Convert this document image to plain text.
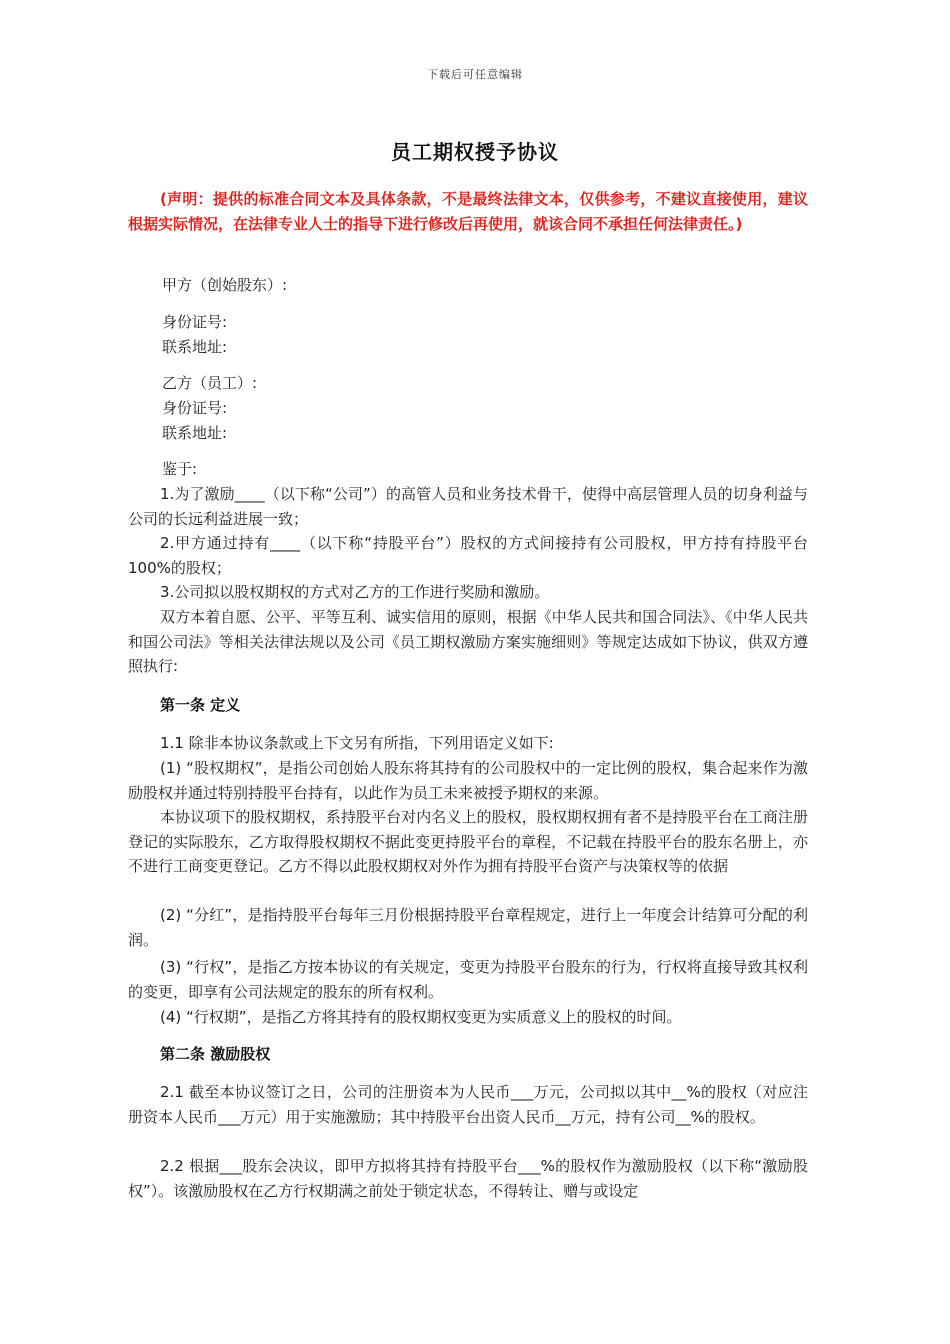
下载后可任意编辑
员工期权授予协议

(声明：提供的标准合同文本及具体条款，不是最终法律文本，仅供参考，不建议直接使用，建议根据实际情况，在法律专业人士的指导下进行修改后再使用，就该合同不承担任何法律责任。)

甲方（创始股东）:

身份证号:

联系地址:

乙方（员工）:

身份证号:

联系地址:

鉴于:

1.为了激励____（以下称“公司”）的高管人员和业务技术骨干，使得中高层管理人员的切身利益与公司的长远利益进展一致；

2.甲方通过持有____（以下称“持股平台”）股权的方式间接持有公司股权，甲方持有持股平台 100%的股权；

3.公司拟以股权期权的方式对乙方的工作进行奖励和激励。

双方本着自愿、公平、平等互利、诚实信用的原则，根据《中华人民共和国合同法》、《中华人民共和国公司法》等相关法律法规以及公司《员工期权激励方案实施细则》等规定达成如下协议，供双方遵照执行:

第一条 定义

1.1 除非本协议条款或上下文另有所指，下列用语定义如下:

(1) “股权期权”，是指公司创始人股东将其持有的公司股权中的一定比例的股权，集合起来作为激励股权并通过特别持股平台持有，以此作为员工未来被授予期权的来源。

本协议项下的股权期权，系持股平台对内名义上的股权，股权期权拥有者不是持股平台在工商注册登记的实际股东，乙方取得股权期权不据此变更持股平台的章程，不记载在持股平台的股东名册上，亦不进行工商变更登记。乙方不得以此股权期权对外作为拥有持股平台资产与决策权等的依据

(2) “分红”，是指持股平台每年三月份根据持股平台章程规定，进行上一年度会计结算可分配的利润。

(3) “行权”，是指乙方按本协议的有关规定，变更为持股平台股东的行为，行权将直接导致其权利的变更，即享有公司法规定的股东的所有权利。

(4) “行权期”，是指乙方将其持有的股权期权变更为实质意义上的股权的时间。

第二条 激励股权

2.1 截至本协议签订之日，公司的注册资本为人民币___万元，公司拟以其中__%的股权（对应注册资本人民币___万元）用于实施激励；其中持股平台出资人民币__万元，持有公司__%的股权。

2.2 根据___股东会决议，即甲方拟将其持有持股平台___%的股权作为激励股权（以下称“激励股权”）。该激励股权在乙方行权期满之前处于锁定状态，不得转让、赠与或设定
